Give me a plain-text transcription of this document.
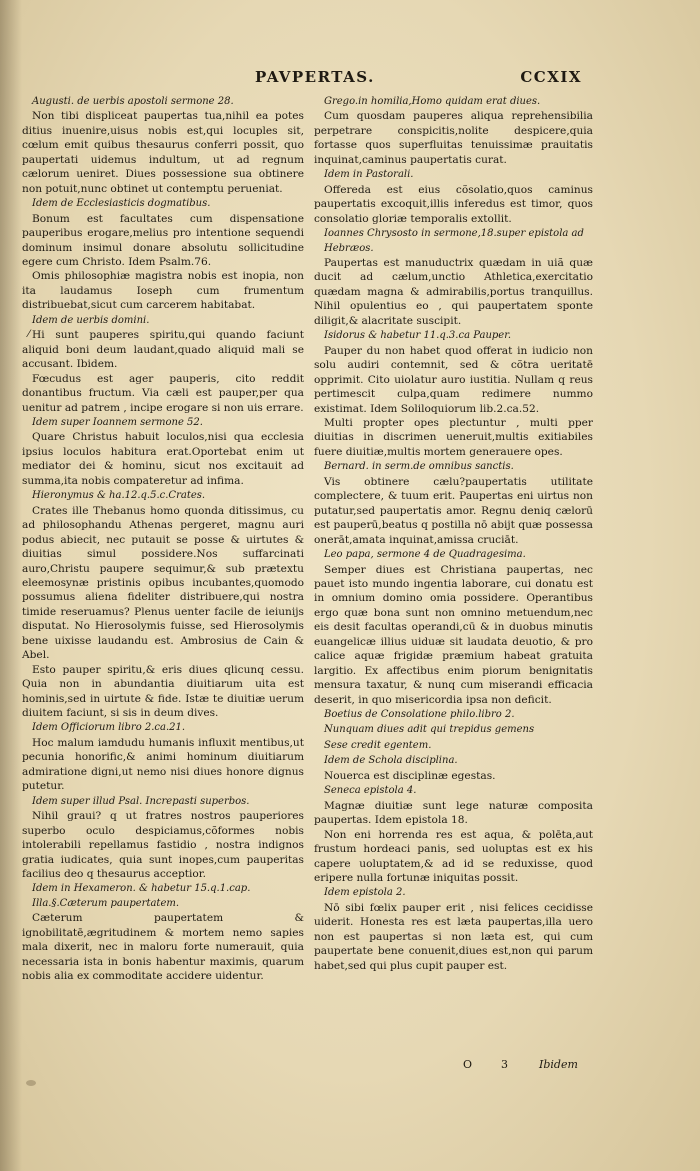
PAVPERTAS.	CCXIX
Augusti. de uerbis apostoli sermone 28.
Non tibi displiceat paupertas tua,nihil ea potes ditius inuenire,uisus nobis est,qui locuples sit, cœlum emit quibus thesaurus conferri possit, quo paupertati uidemus indultum, ut ad regnum cælorum ueniret. Diues possessione sua obtinere non potuit,nunc obtinet ut contemptu perueniat.
Idem de Ecclesiasticis dogmatibus.
Bonum est facultates cum dispensatione pauperibus erogare,melius pro intentione sequendi dominum insimul donare absolutu sollicitudine egere cum Christo. Idem Psalm.76.
Omis philosophiæ magistra nobis est inopia, non ita laudamus Ioseph cum frumentum distribuebat,sicut cum carcerem habitabat.
Idem de uerbis domini.
⁄ Hi sunt pauperes spiritu,qui quando faciunt aliquid boni deum laudant,quado aliquid mali se accusant. Ibidem.
Fœcudus est ager pauperis, cito reddit donantibus fructum. Via cæli est pauper,per qua uenitur ad patrem , incipe erogare si non uis errare.
Idem super Ioannem sermone 52.
Quare Christus habuit loculos,nisi qua ecclesia ipsius loculos habitura erat.Oportebat enim ut mediator dei & hominu, sicut nos excitauit ad summa,ita nobis compateretur ad infima.
Hieronymus & ha.12.q.5.c.Crates.
Crates ille Thebanus homo quonda ditissimus, cu ad philosophandu Athenas pergeret, magnu auri podus abiecit, nec putauit se posse & uirtutes & diuitias simul possidere.Nos suffarcinati auro,Christu paupere sequimur,& sub prætextu eleemosynæ pristinis opibus incubantes,quomodo possumus aliena fideliter distribuere,qui nostra timide reseruamus? Plenus uenter facile de ieiunijs disputat. No Hierosolymis fuisse, sed Hierosolymis bene uixisse laudandu est. Ambrosius de Cain & Abel.
Esto pauper spiritu,& eris diues qlicunq cessu. Quia non in abundantia diuitiarum uita est hominis,sed in uirtute & fide. Istæ te diuitiæ uerum diuitem faciunt, si sis in deum dives.
Idem Officiorum libro 2.ca.21.
Hoc malum iamdudu humanis influxit mentibus,ut pecunia honorific,& animi hominum diuitiarum admiratione digni,ut nemo nisi diues honore dignus putetur.
Idem super illud Psal. Increpasti superbos.
Nihil graui? q ut fratres nostros pauperiores superbo oculo despiciamus,cõformes nobis intolerabili repellamus fastidio , nostra indignos gratia iudicates, quia sunt inopes,cum pauperitas facilius deo q thesaurus acceptior.
Idem in Hexameron. & habetur 15.q.1.cap. Illa.§.Cæterum paupertatem.
Cæterum paupertatem & ignobilitatē,ægritudinem & mortem nemo sapies mala dixerit, nec in maloru forte numerauit, quia necessaria ista in bonis habentur maximis, quarum nobis alia ex commoditate accidere uidentur.
Grego.in homilia,Homo quidam erat diues.
Cum quosdam pauperes aliqua reprehensibilia perpetrare conspicitis,nolite despicere,quia fortasse quos superfluitas tenuissimæ prauitatis inquinat,caminus paupertatis curat.
Idem in Pastorali.
Offereda est eius cõsolatio,quos caminus paupertatis excoquit,illis inferedus est timor, quos consolatio gloriæ temporalis extollit.
Ioannes Chrysosto in sermone,18.super epistola ad Hebræos.
Paupertas est manuductrix quædam in uiã quæ ducit ad cælum,unctio Athletica,exercitatio quædam magna & admirabilis,portus tranquillus. Nihil opulentius eo , qui paupertatem sponte diligit,& alacritate suscipit.
Isidorus & habetur 11.q.3.ca Pauper.
Pauper du non habet quod offerat in iudicio non solu audiri contemnit, sed & cõtra ueritatē opprimit. Cito uiolatur auro iustitia. Nullam q reus pertimescit culpa,quam redimere nummo existimat. Idem Soliloquiorum lib.2.ca.52.
Multi propter opes plectuntur , multi pper diuitias in discrimen ueneruit,multis exitiabiles fuere diuitiæ,multis mortem generauere opes.
Bernard. in serm.de omnibus sanctis.
Vis obtinere cælu?paupertatis utilitate complectere, & tuum erit. Paupertas eni uirtus non putatur,sed paupertatis amor. Regnu deniq cælorū est pauperū,beatus q postilla nō abijt quæ possessa onerāt,amata inquinat,amissa cruciāt.
Leo papa, sermone 4 de Quadragesima.
Semper diues est Christiana paupertas, nec pauet isto mundo ingentia laborare, cui donatu est in omnium domino omia possidere. Operantibus ergo quæ bona sunt non omnino metuendum,nec eis desit facultas operandi,cū & in duobus minutis euangelicæ illius uiduæ sit laudata deuotio, & pro calice aquæ frigidæ præmium habeat gratuita largitio. Ex affectibus enim piorum benignitatis mensura taxatur, & nunq cum miserandi efficacia deserit, in quo misericordia ipsa non deficit.
Boetius de Consolatione philo.libro 2.
Nunquam diues adit qui trepidus gemens
Sese credit egentem.
Idem de Schola disciplina.
Nouerca est disciplinæ egestas.
Seneca epistola 4.
Magnæ diuitiæ sunt lege naturæ composita paupertas. Idem epistola 18.
Non eni horrenda res est aqua, & polēta,aut frustum hordeaci panis, sed uoluptas est ex his capere uoluptatem,& ad id se reduxisse, quod eripere nulla fortunæ iniquitas possit.
Idem epistola 2.
Nō sibi fœlix pauper erit , nisi felices cecidisse uiderit. Honesta res est læta paupertas,illa uero non est paupertas si non læta est, qui cum paupertate bene conuenit,diues est,non qui parum habet,sed qui plus cupit pauper est.
O	3	Ibidem
